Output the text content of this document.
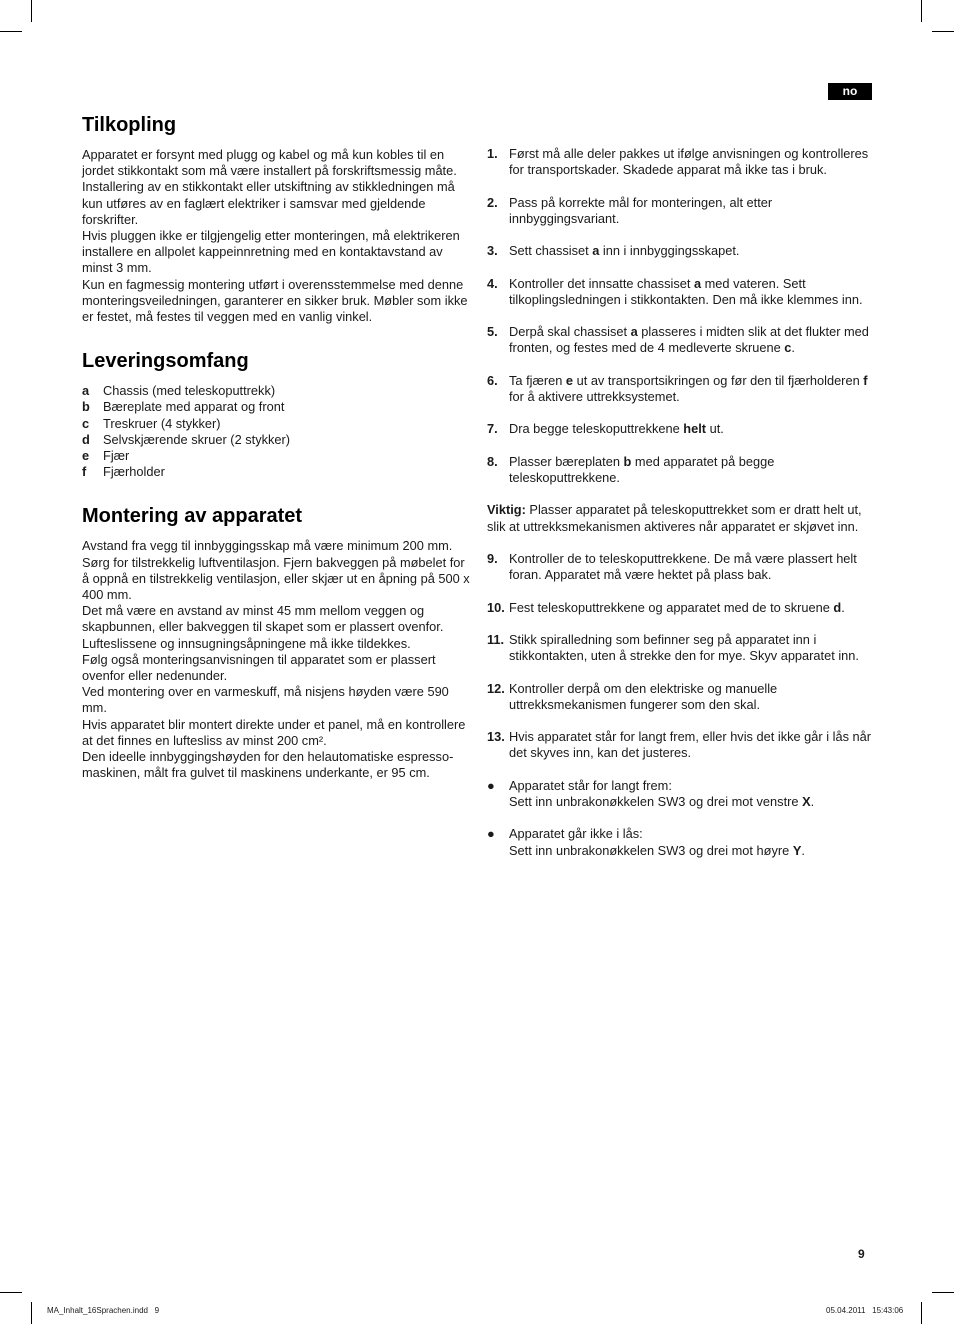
no
Tilkopling

Apparatet er forsynt med plugg og kabel og må kun kobles til en jordet stikkontakt som må være installert på forskriftsmessig måte. Installering av en stikkontakt eller utskiftning av stikkledningen må kun utføres av en faglært elektriker i samsvar med gjeldende forskrifter.
Hvis pluggen ikke er tilgjengelig etter monteringen, må elektrikeren installere en allpolet kappeinnretning med en kontaktavstand av minst 3 mm.
Kun en fagmessig montering utført i overensstemmelse med denne monteringsveiledningen, garanterer en sikker bruk. Møbler som ikke er festet, må festes til veggen med en vanlig vinkel.

Leveringsomfang
a	Chassis (med teleskoputtrekk)
b	Bæreplate med apparat og front
c	Treskruer (4 stykker)
d	Selvskjærende skruer (2 stykker)
e	Fjær
f	Fjærholder
Montering av apparatet

Avstand fra vegg til innbyggingsskap må være minimum 200 mm.
Sørg for tilstrekkelig luftventilasjon. Fjern bakveggen på møbelet for å oppnå en tilstrekkelig ventilasjon, eller skjær ut en åpning på 500 x 400 mm.
Det må være en avstand av minst 45 mm mellom veggen og skapbunnen, eller bakveggen til skapet som er plassert ovenfor.
Lufteslissene og innsugningsåpningene må ikke tildekkes.
Følg også monteringsanvisningen til apparatet som er plassert ovenfor eller nedenunder.
Ved montering over en varmeskuff, må nisjens høyden være 590 mm.
Hvis apparatet blir montert direkte under et panel, må en kontrollere at det finnes en luftesliss av minst 200 cm².
Den ideelle innbyggingshøyden for den helautomatiske espresso-maskinen, målt fra gulvet til maskinens underkante, er 95 cm.

1. Først må alle deler pakkes ut ifølge anvisningen og kontrolleres for transportskader. Skadede apparat må ikke tas i bruk.
2. Pass på korrekte mål for monteringen, alt etter innbyggingsvariant.
3. Sett chassiset a inn i innbyggingsskapet.
4. Kontroller det innsatte chassiset a med vateren. Sett tilkoplingsledningen i stikkontakten. Den må ikke klemmes inn.
5. Derpå skal chassiset a plasseres i midten slik at det flukter med fronten, og festes med de 4 medleverte skruene c.
6. Ta fjæren e ut av transportsikringen og før den til fjærholderen f for å aktivere uttrekksystemet.
7. Dra begge teleskoputtrekkene helt ut.
8. Plasser bæreplaten b med apparatet på begge teleskoputtrekkene.

Viktig: Plasser apparatet på teleskoputtrekket som er dratt helt ut, slik at uttrekksmekanismen aktiveres når apparatet er skjøvet inn.

9. Kontroller de to teleskoputtrekkene. De må være plassert helt foran. Apparatet må være hektet på plass bak.
10. Fest teleskoputtrekkene og apparatet med de to skruene d.
11. Stikk spiralledning som befinner seg på apparatet inn i stikkontakten, uten å strekke den for mye. Skyv apparatet inn.
12. Kontroller derpå om den elektriske og manuelle uttrekksmekanismen fungerer som den skal.
13. Hvis apparatet står for langt frem, eller hvis det ikke går i lås når det skyves inn, kan det justeres.
●	Apparatet står for langt frem:
Sett inn unbrakonøkkelen SW3 og drei mot venstre X.
●	Apparatet går ikke i lås:
Sett inn unbrakonøkkelen SW3 og drei mot høyre Y.
9
MA_Inhalt_16Sprachen.indd   9	05.04.2011   15:43:06
